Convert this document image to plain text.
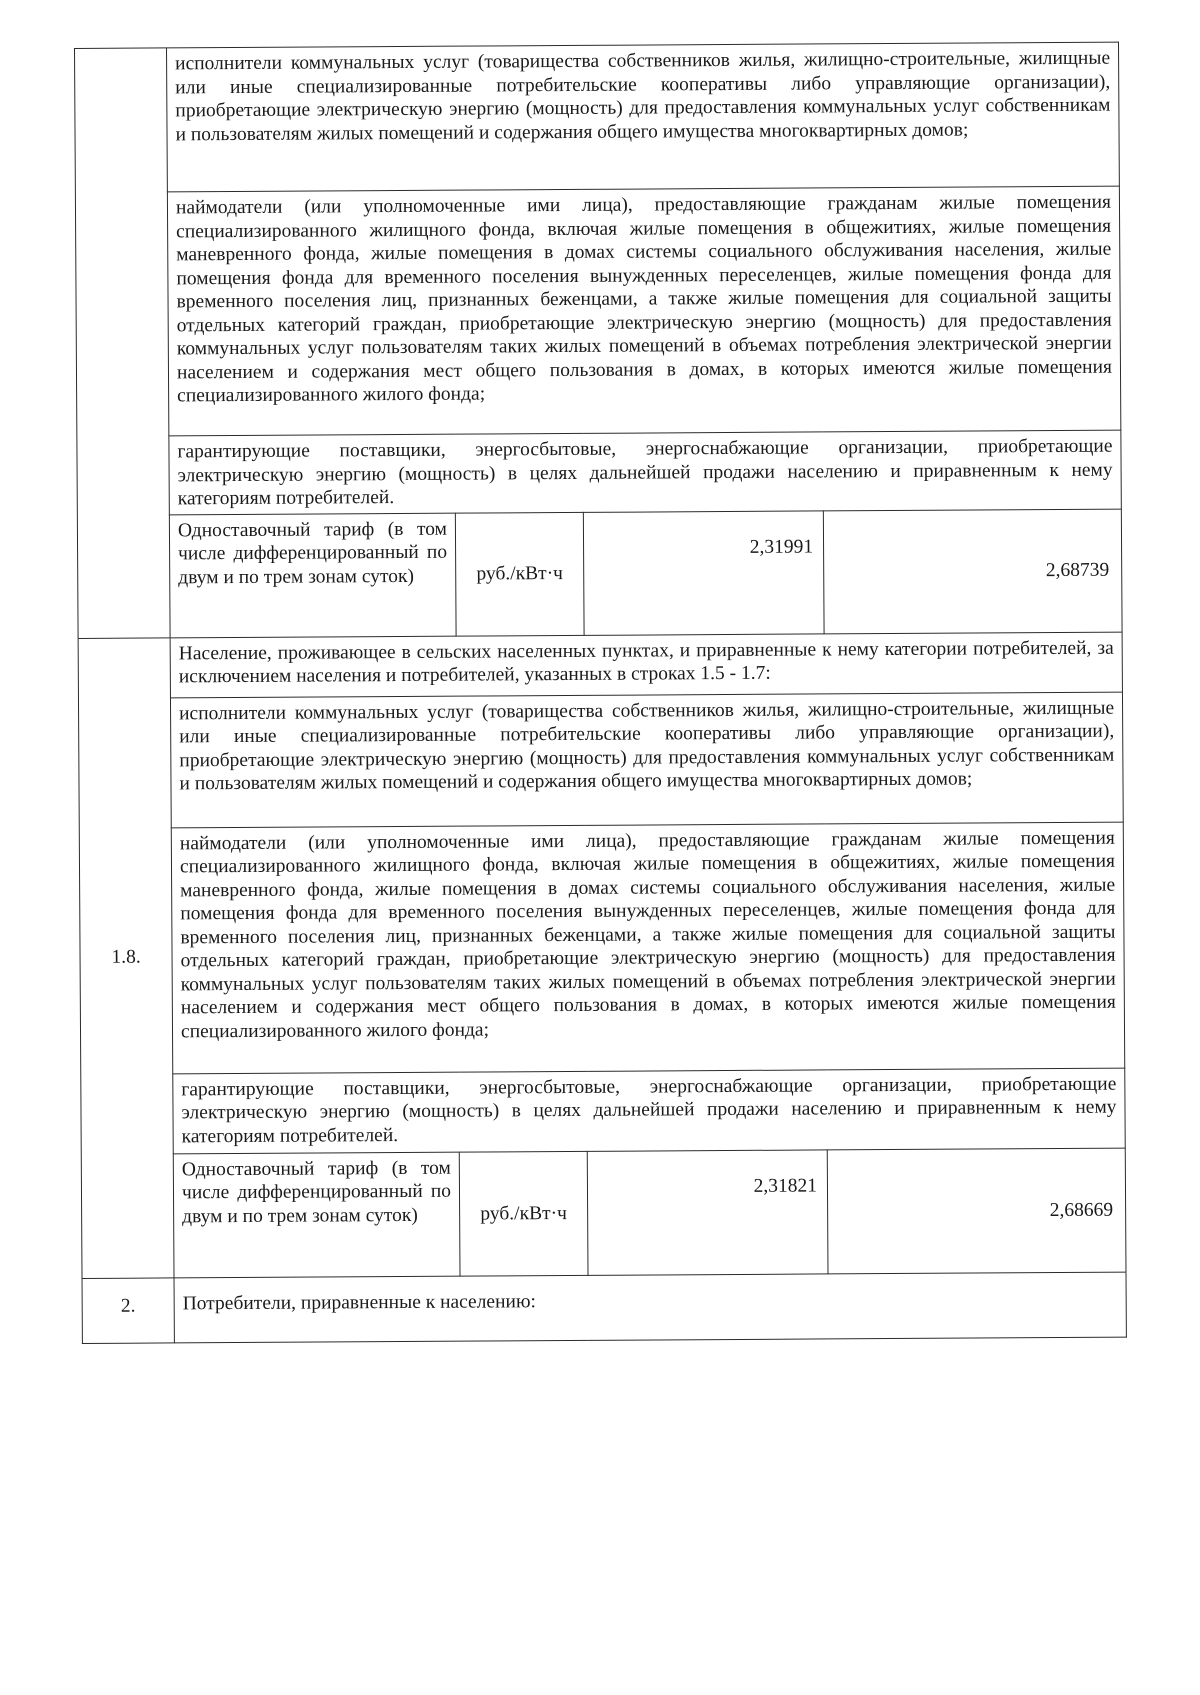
	исполнители коммунальных услуг (товарищества собственников жилья, жилищно-строительные, жилищные или иные специализированные потребительские кооперативы либо управляющие организации), приобретающие электрическую энергию (мощность) для предоставления коммунальных услуг собственникам и пользователям жилых помещений и содержания общего имущества многоквартирных домов;			
	наймодатели (или уполномоченные ими лица), предоставляющие гражданам жилые помещения специализированного жилищного фонда, включая жилые помещения в общежитиях, жилые помещения маневренного фонда, жилые помещения в домах системы социального обслуживания населения, жилые помещения фонда для временного поселения вынужденных переселенцев, жилые помещения фонда для временного поселения лиц, признанных беженцами, а также жилые помещения для социальной защиты отдельных категорий граждан, приобретающие электрическую энергию (мощность) для предоставления коммунальных услуг пользователям таких жилых помещений в объемах потребления электрической энергии населением и содержания мест общего пользования в домах, в которых имеются жилые помещения специализированного жилого фонда;			
	гарантирующие поставщики, энергосбытовые, энергоснабжающие организации, приобретающие электрическую энергию (мощность) в целях дальнейшей продажи населению и приравненным к нему категориям потребителей.			
	Одноставочный тариф (в том числе дифференцированный по двум и по трем зонам суток)	руб./кВт·ч	2,31991	2,68739
1.8.	Население, проживающее в сельских населенных пунктах, и приравненные к нему категории потребителей, за исключением населения и потребителей, указанных в строках 1.5 - 1.7:			
	исполнители коммунальных услуг (товарищества собственников жилья, жилищно-строительные, жилищные или иные специализированные потребительские кооперативы либо управляющие организации), приобретающие электрическую энергию (мощность) для предоставления коммунальных услуг собственникам и пользователям жилых помещений и содержания общего имущества многоквартирных домов;			
	наймодатели (или уполномоченные ими лица), предоставляющие гражданам жилые помещения специализированного жилищного фонда, включая жилые помещения в общежитиях, жилые помещения маневренного фонда, жилые помещения в домах системы социального обслуживания населения, жилые помещения фонда для временного поселения вынужденных переселенцев, жилые помещения фонда для временного поселения лиц, признанных беженцами, а также жилые помещения для социальной защиты отдельных категорий граждан, приобретающие электрическую энергию (мощность) для предоставления коммунальных услуг пользователям таких жилых помещений в объемах потребления электрической энергии населением и содержания мест общего пользования в домах, в которых имеются жилые помещения специализированного жилого фонда;			
	гарантирующие поставщики, энергосбытовые, энергоснабжающие организации, приобретающие электрическую энергию (мощность) в целях дальнейшей продажи населению и приравненным к нему категориям потребителей.			
	Одноставочный тариф (в том числе дифференцированный по двум и по трем зонам суток)	руб./кВт·ч	2,31821	2,68669
2.	Потребители, приравненные к населению:			
